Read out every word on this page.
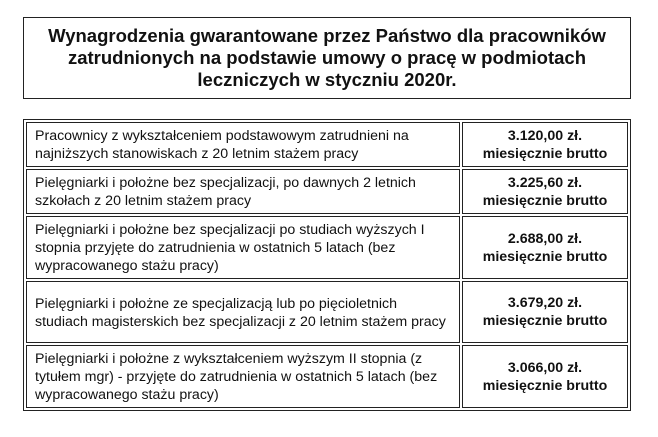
Wynagrodzenia gwarantowane przez Państwo dla pracowników
zatrudnionych na podstawie umowy o pracę w podmiotach
leczniczych w styczniu 2020r.
Pracownicy z wykształceniem podstawowym zatrudnieni na najniższych stanowiskach z 20 letnim stażem pracy	3.120,00 zł.
miesięcznie brutto

Pielęgniarki i położne bez specjalizacji, po dawnych 2 letnich szkołach z 20 letnim stażem pracy	3.225,60 zł.
miesięcznie brutto

Pielęgniarki i położne bez specjalizacji po studiach wyższych I stopnia przyjęte do zatrudnienia w ostatnich 5 latach (bez wypracowanego stażu pracy)	2.688,00 zł.
miesięcznie brutto

Pielęgniarki i położne ze specjalizacją lub po pięcioletnich studiach magisterskich bez specjalizacji z 20 letnim stażem pracy	3.679,20 zł.
miesięcznie brutto

Pielęgniarki i położne z wykształceniem wyższym II stopnia (z tytułem mgr) - przyjęte do zatrudnienia w ostatnich 5 latach (bez wypracowanego stażu pracy)	3.066,00 zł.
miesięcznie brutto
